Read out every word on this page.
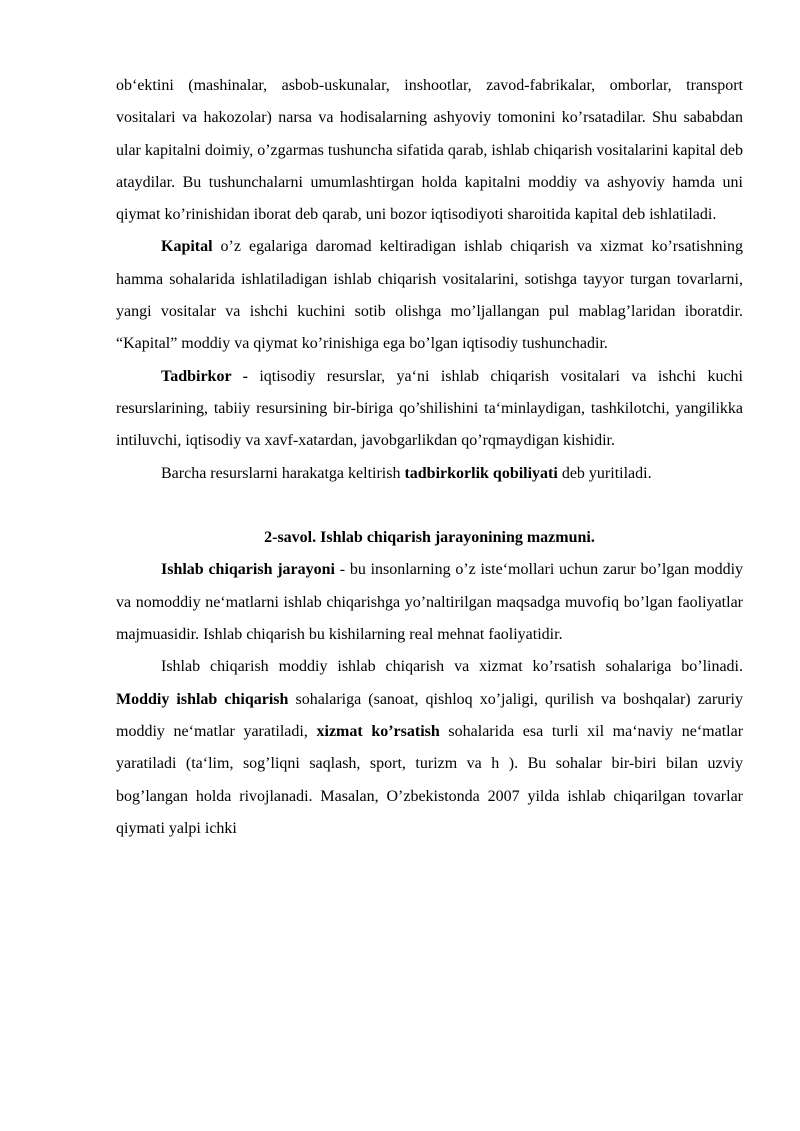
ob‘ektini (mashinalar, asbob-uskunalar, inshootlar, zavod-fabrikalar, omborlar, transport vositalari va hakozolar) narsa va hodisalarning ashyoviy tomonini ko’rsatadilar. Shu sababdan ular kapitalni doimiy, o’zgarmas tushuncha sifatida qarab, ishlab chiqarish vositalarini kapital deb ataydilar. Bu tushunchalarni umumlashtirgan holda kapitalni moddiy va ashyoviy hamda uni qiymat ko’rinishidan iborat deb qarab, uni bozor iqtisodiyoti sharoitida kapital deb ishlatiladi.

Kapital o’z egalariga daromad keltiradigan ishlab chiqarish va xizmat ko’rsatishning hamma sohalarida ishlatiladigan ishlab chiqarish vositalarini, sotishga tayyor turgan tovarlarni, yangi vositalar va ishchi kuchini sotib olishga mo’ljallangan pul mablag’laridan iboratdir. “Kapital” moddiy va qiymat ko’rinishiga ega bo’lgan iqtisodiy tushunchadir.

Tadbirkor - iqtisodiy resurslar, ya‘ni ishlab chiqarish vositalari va ishchi kuchi resurslarining, tabiiy resursining bir-biriga qo’shilishini ta‘minlaydigan, tashkilotchi, yangilikka intiluvchi, iqtisodiy va xavf-xatardan, javobgarlikdan qo’rqmaydigan kishidir.

Barcha resurslarni harakatga keltirish tadbirkorlik qobiliyati deb yuritiladi.

2-savol. Ishlab chiqarish jarayonining mazmuni.

Ishlab chiqarish jarayoni - bu insonlarning o’z iste‘mollari uchun zarur bo’lgan moddiy va nomoddiy ne‘matlarni ishlab chiqarishga yo’naltirilgan maqsadga muvofiq bo’lgan faoliyatlar majmuasidir. Ishlab chiqarish bu kishilarning real mehnat faoliyatidir.

Ishlab chiqarish moddiy ishlab chiqarish va xizmat ko’rsatish sohalariga bo’linadi. Moddiy ishlab chiqarish sohalariga (sanoat, qishloq xo’jaligi, qurilish va boshqalar) zaruriy moddiy ne‘matlar yaratiladi, xizmat ko’rsatish sohalarida esa turli xil ma‘naviy ne‘matlar yaratiladi (ta‘lim, sog’liqni saqlash, sport, turizm va h ). Bu sohalar bir-biri bilan uzviy bog’langan holda rivojlanadi. Masalan, O’zbekistonda 2007 yilda ishlab chiqarilgan tovarlar qiymati yalpi ichki
